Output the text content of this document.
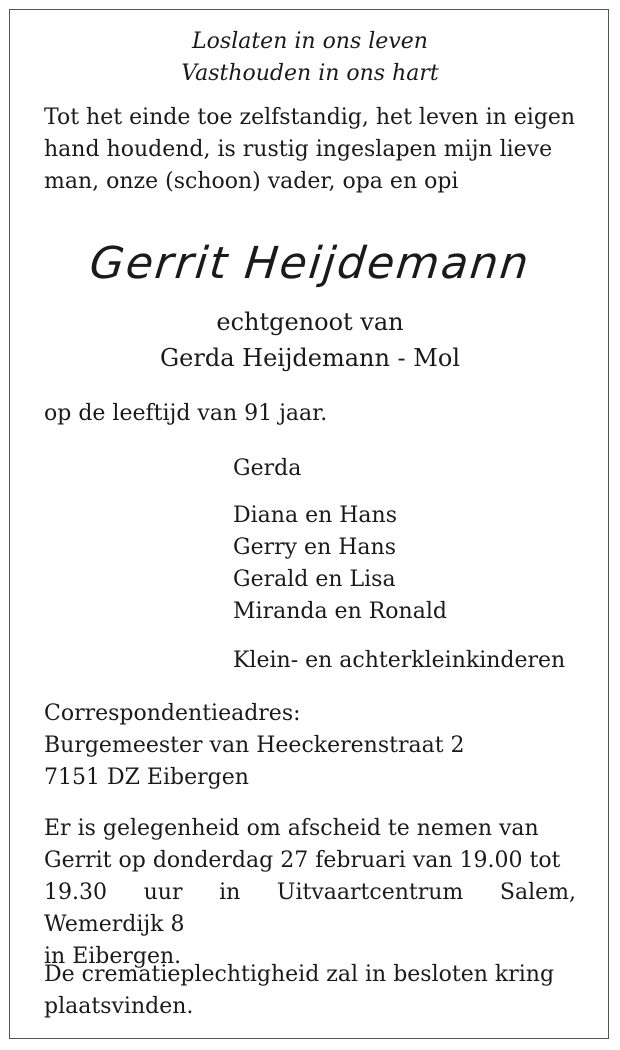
Loslaten in ons leven
Vasthouden in ons hart
Tot het einde toe zelfstandig, het leven in eigen
hand houdend, is rustig ingeslapen mijn lieve
man, onze (schoon) vader, opa en opi
Gerrit Heijdemann
echtgenoot van
Gerda Heijdemann - Mol
op de leeftijd van 91 jaar.
Gerda
Diana en Hans
Gerry en Hans
Gerald en Lisa
Miranda en Ronald
Klein- en achterkleinkinderen
Correspondentieadres:
Burgemeester van Heeckerenstraat 2
7151 DZ Eibergen
Er is gelegenheid om afscheid te nemen van
Gerrit op donderdag 27 februari van 19.00 tot
19.30 uur in Uitvaartcentrum Salem, Wemerdijk 8
in Eibergen.
De crematieplechtigheid zal in besloten kring
plaatsvinden.
